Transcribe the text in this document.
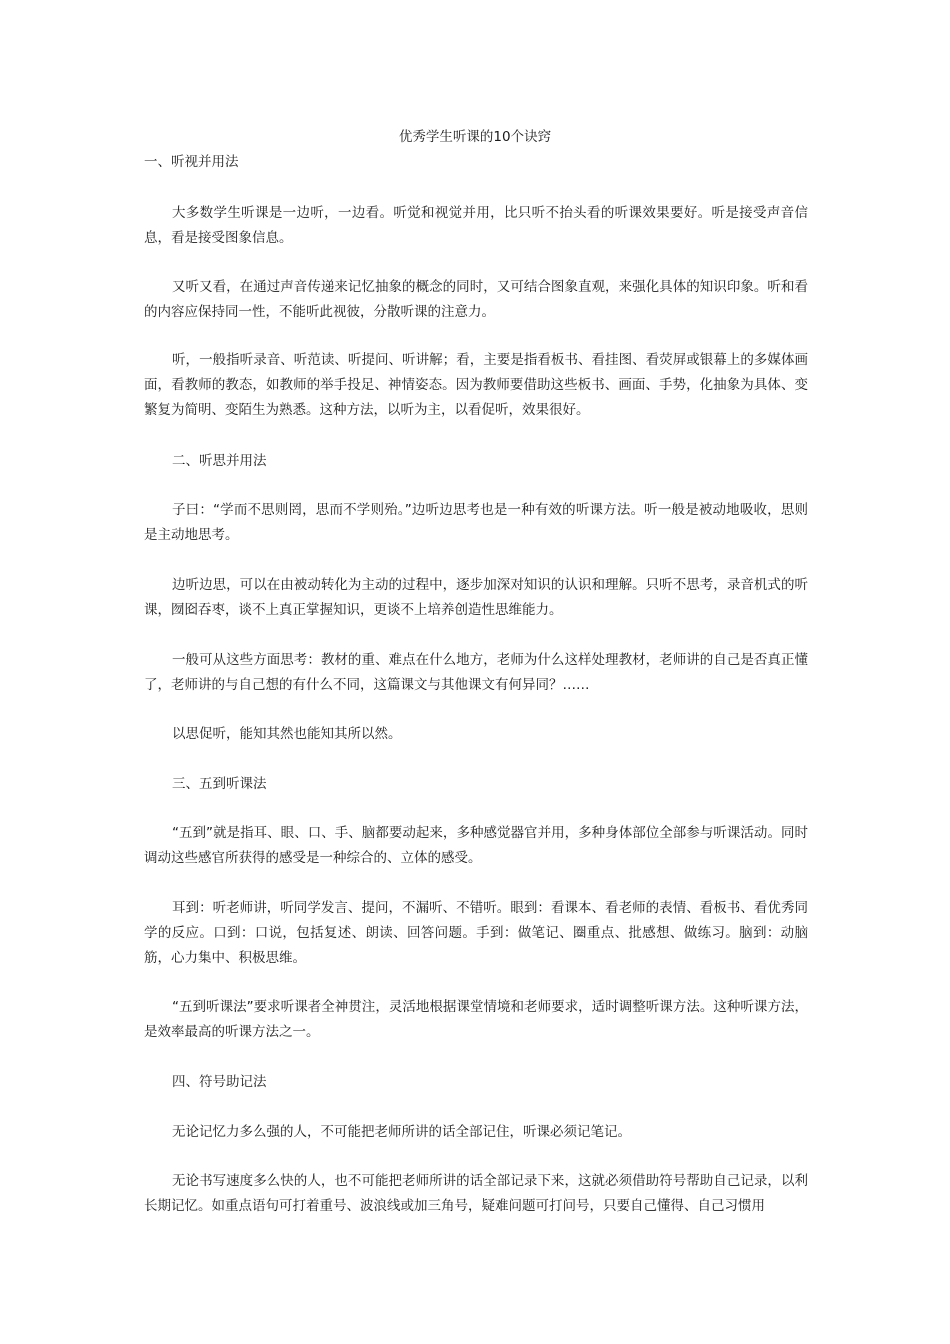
优秀学生听课的10个诀窍
一、听视并用法

大多数学生听课是一边听，一边看。听觉和视觉并用，比只听不抬头看的听课效果要好。听是接受声音信息，看是接受图象信息。

又听又看，在通过声音传递来记忆抽象的概念的同时，又可结合图象直观，来强化具体的知识印象。听和看的内容应保持同一性，不能听此视彼，分散听课的注意力。

听，一般指听录音、听范读、听提问、听讲解；看，主要是指看板书、看挂图、看荧屏或银幕上的多媒体画面，看教师的教态，如教师的举手投足、神情姿态。因为教师要借助这些板书、画面、手势，化抽象为具体、变繁复为简明、变陌生为熟悉。这种方法，以听为主，以看促听，效果很好。

二、听思并用法

子曰：“学而不思则罔，思而不学则殆。”边听边思考也是一种有效的听课方法。听一般是被动地吸收，思则是主动地思考。

边听边思，可以在由被动转化为主动的过程中，逐步加深对知识的认识和理解。只听不思考，录音机式的听课，囫囵吞枣，谈不上真正掌握知识，更谈不上培养创造性思维能力。

一般可从这些方面思考：教材的重、难点在什么地方，老师为什么这样处理教材，老师讲的自己是否真正懂了，老师讲的与自己想的有什么不同，这篇课文与其他课文有何异同？……

以思促听，能知其然也能知其所以然。

三、五到听课法

“五到”就是指耳、眼、口、手、脑都要动起来，多种感觉器官并用，多种身体部位全部参与听课活动。同时调动这些感官所获得的感受是一种综合的、立体的感受。

耳到：听老师讲，听同学发言、提问，不漏听、不错听。眼到：看课本、看老师的表情、看板书、看优秀同学的反应。口到：口说，包括复述、朗读、回答问题。手到：做笔记、圈重点、批感想、做练习。脑到：动脑筋，心力集中、积极思维。

“五到听课法”要求听课者全神贯注，灵活地根据课堂情境和老师要求，适时调整听课方法。这种听课方法，是效率最高的听课方法之一。

四、符号助记法

无论记忆力多么强的人，不可能把老师所讲的话全部记住，听课必须记笔记。

无论书写速度多么快的人，也不可能把老师所讲的话全部记录下来，这就必须借助符号帮助自己记录，以利长期记忆。如重点语句可打着重号、波浪线或加三角号，疑难问题可打问号，只要自己懂得、自己习惯用
